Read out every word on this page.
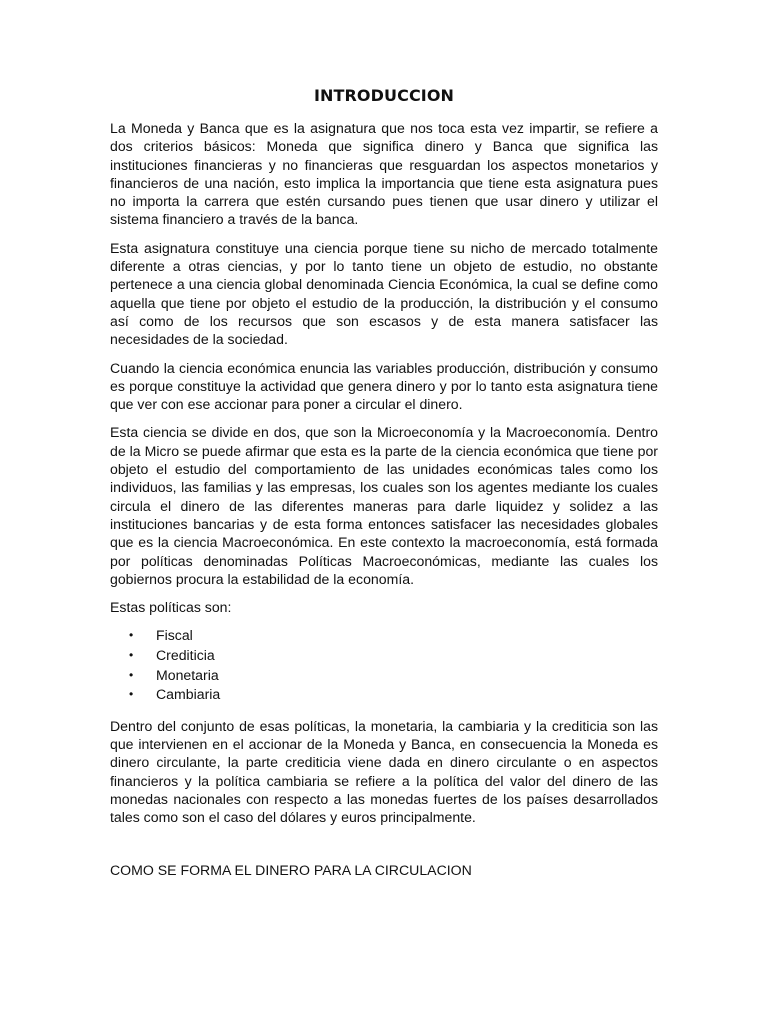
INTRODUCCION

La Moneda y Banca que es la asignatura que nos toca esta vez impartir, se refiere a dos criterios básicos: Moneda que significa dinero y Banca que significa las instituciones financieras y no financieras que resguardan los aspectos monetarios y financieros de una nación, esto implica la importancia que tiene esta asignatura pues no importa la carrera que estén cursando pues tienen que usar dinero y utilizar el sistema financiero a través de la banca.

Esta asignatura constituye una ciencia porque tiene su nicho de mercado totalmente diferente a otras ciencias, y por lo tanto tiene un objeto de estudio, no obstante pertenece a una ciencia global denominada Ciencia Económica, la cual se define como aquella que tiene por objeto el estudio de la producción, la distribución y el consumo así como de los recursos que son escasos y de esta manera satisfacer las necesidades de la sociedad.

Cuando la ciencia económica enuncia las variables producción, distribución y consumo es porque constituye la actividad que genera dinero y por lo tanto esta asignatura tiene que ver con ese accionar para poner a circular el dinero.

Esta ciencia se divide en dos, que son la Microeconomía y la Macroeconomía. Dentro de la Micro se puede afirmar que esta es la parte de la ciencia económica que tiene por objeto el estudio del comportamiento de las unidades económicas tales como los individuos, las familias y las empresas, los cuales son los agentes mediante los cuales circula el dinero de las diferentes maneras para darle liquidez y solidez a las instituciones bancarias y de esta forma entonces satisfacer las necesidades globales que es la ciencia Macroeconómica. En este contexto la macroeconomía, está formada por políticas denominadas Políticas Macroeconómicas, mediante las cuales los gobiernos procura la estabilidad de la economía.

Estas políticas son:

• Fiscal
• Crediticia
• Monetaria
• Cambiaria

Dentro del conjunto de esas políticas, la monetaria, la cambiaria y la crediticia son las que intervienen en el accionar de la Moneda y Banca, en consecuencia la Moneda es dinero circulante, la parte crediticia viene dada en dinero circulante o en aspectos financieros y la política cambiaria se refiere a la política del valor del dinero de las monedas nacionales con respecto a las monedas fuertes de los países desarrollados tales como son el caso del dólares y euros principalmente.

COMO SE FORMA EL DINERO PARA LA CIRCULACION
